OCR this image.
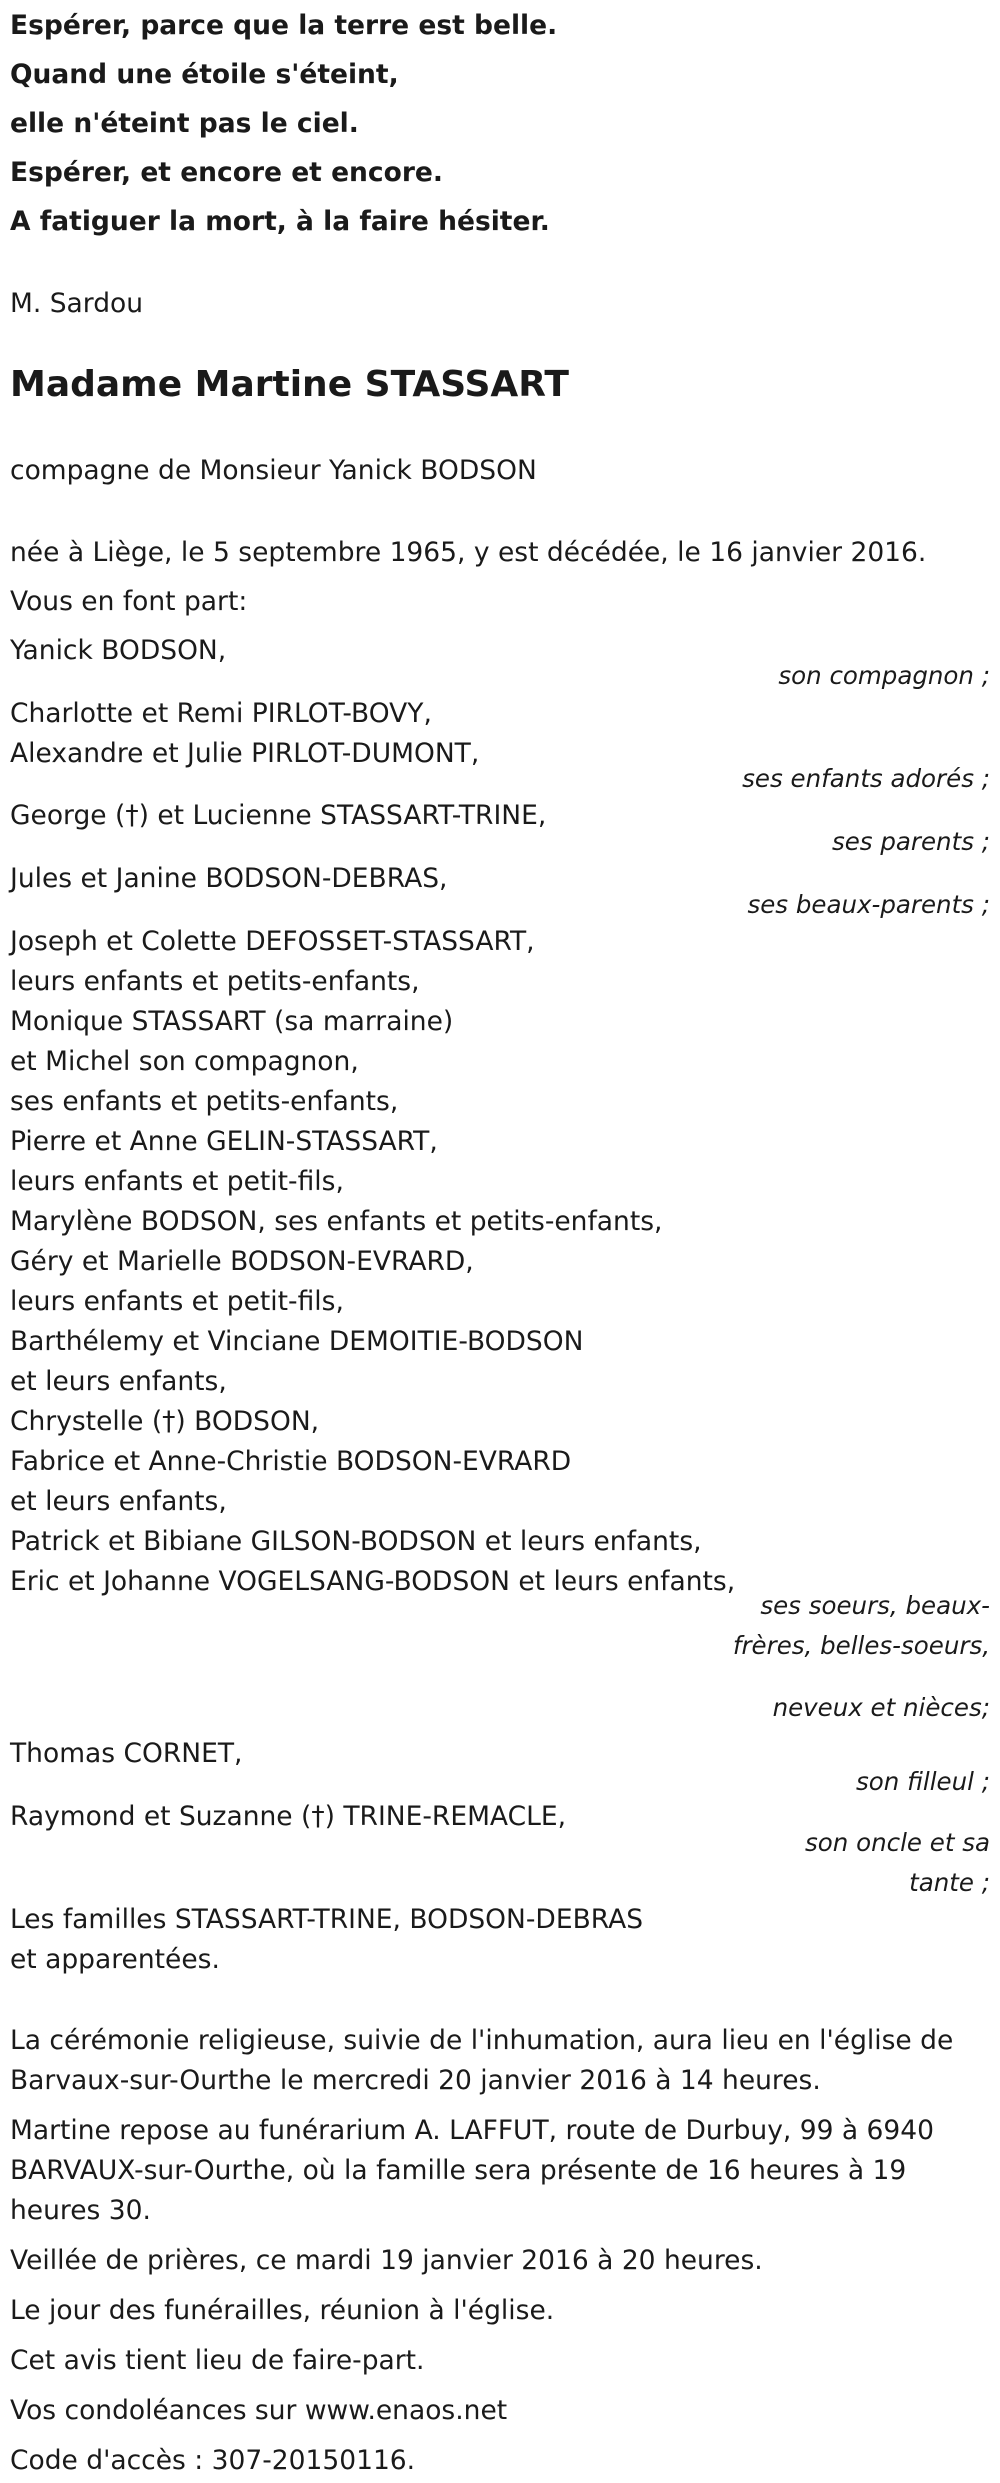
Espérer, parce que la terre est belle.
Quand une étoile s'éteint,
elle n'éteint pas le ciel.
Espérer, et encore et encore.
A fatiguer la mort, à la faire hésiter.
M. Sardou
Madame Martine STASSART
compagne de Monsieur Yanick BODSON
née à Liège, le 5 septembre 1965, y est décédée, le 16 janvier 2016.
Vous en font part:
Yanick BODSON,
son compagnon ;
Charlotte et Remi PIRLOT-BOVY,
Alexandre et Julie PIRLOT-DUMONT,
ses enfants adorés ;
George (†) et Lucienne STASSART-TRINE,
ses parents ;
Jules et Janine BODSON-DEBRAS,
ses beaux-parents ;
Joseph et Colette DEFOSSET-STASSART,
leurs enfants et petits-enfants,
Monique STASSART (sa marraine)
et Michel son compagnon,
ses enfants et petits-enfants,
Pierre et Anne GELIN-STASSART,
leurs enfants et petit-fils,
Marylène BODSON, ses enfants et petits-enfants,
Géry et Marielle BODSON-EVRARD,
leurs enfants et petit-fils,
Barthélemy et Vinciane DEMOITIE-BODSON
et leurs enfants,
Chrystelle (†) BODSON,
Fabrice et Anne-Christie BODSON-EVRARD
et leurs enfants,
Patrick et Bibiane GILSON-BODSON et leurs enfants,
Eric et Johanne VOGELSANG-BODSON et leurs enfants,
ses soeurs, beaux-frères, belles-soeurs,
neveux et nièces;
Thomas CORNET,
son filleul ;
Raymond et Suzanne (†) TRINE-REMACLE,
son oncle et sa tante ;
Les familles STASSART-TRINE, BODSON-DEBRAS
et apparentées.
La cérémonie religieuse, suivie de l'inhumation, aura lieu en l'église de
Barvaux-sur-Ourthe le mercredi 20 janvier 2016 à 14 heures.
Martine repose au funérarium A. LAFFUT, route de Durbuy, 99 à 6940
BARVAUX-sur-Ourthe, où la famille sera présente de 16 heures à 19
heures 30.
Veillée de prières, ce mardi 19 janvier 2016 à 20 heures.
Le jour des funérailles, réunion à l'église.
Cet avis tient lieu de faire-part.
Vos condoléances sur www.enaos.net
Code d'accès : 307-20150116.
